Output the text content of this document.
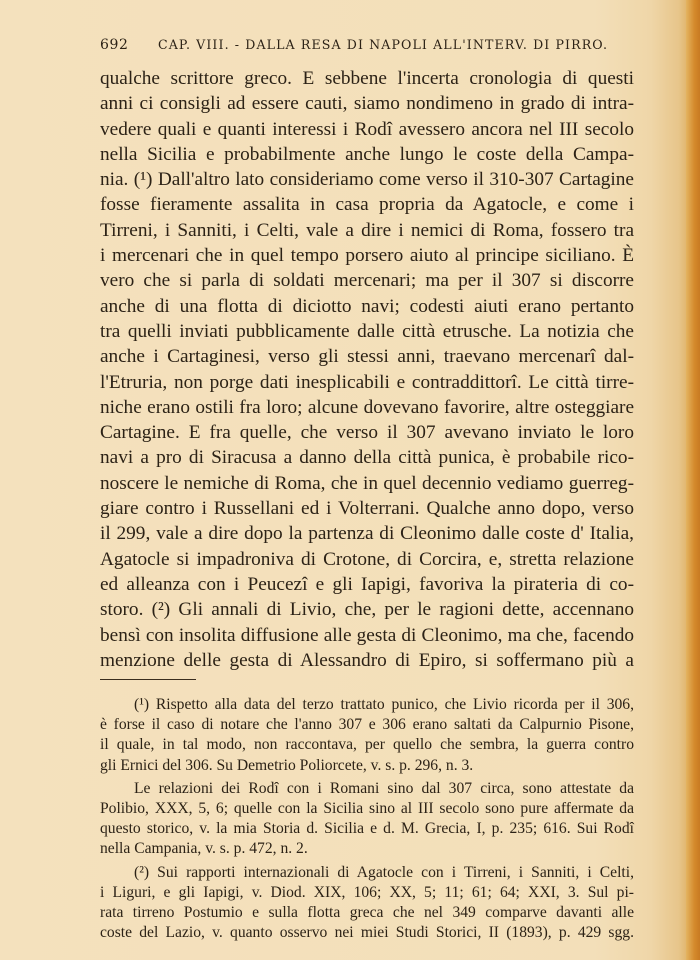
692 CAP. VIII. - DALLA RESA DI NAPOLI ALL'INTERV. DI PIRRO.
qualche scrittore greco. E sebbene l'incerta cronologia di questi
anni ci consigli ad essere cauti, siamo nondimeno in grado di intra-
vedere quali e quanti interessi i Rodî avessero ancora nel III secolo
nella Sicilia e probabilmente anche lungo le coste della Campa-
nia. (¹) Dall'altro lato consideriamo come verso il 310-307 Cartagine
fosse fieramente assalita in casa propria da Agatocle, e come i
Tirreni, i Sanniti, i Celti, vale a dire i nemici di Roma, fossero tra
i mercenari che in quel tempo porsero aiuto al principe siciliano. È
vero che si parla di soldati mercenari; ma per il 307 si discorre
anche di una flotta di diciotto navi; codesti aiuti erano pertanto
tra quelli inviati pubblicamente dalle città etrusche. La notizia che
anche i Cartaginesi, verso gli stessi anni, traevano mercenarî dal-
l'Etruria, non porge dati inesplicabili e contraddittorî. Le città tirre-
niche erano ostili fra loro; alcune dovevano favorire, altre osteggiare
Cartagine. E fra quelle, che verso il 307 avevano inviato le loro
navi a pro di Siracusa a danno della città punica, è probabile rico-
noscere le nemiche di Roma, che in quel decennio vediamo guerreg-
giare contro i Russellani ed i Volterrani. Qualche anno dopo, verso
il 299, vale a dire dopo la partenza di Cleonimo dalle coste d' Italia,
Agatocle si impadroniva di Crotone, di Corcira, e, stretta relazione
ed alleanza con i Peucezî e gli Iapigi, favoriva la pirateria di co-
storo. (²) Gli annali di Livio, che, per le ragioni dette, accennano
bensì con insolita diffusione alle gesta di Cleonimo, ma che, facendo
menzione delle gesta di Alessandro di Epiro, si soffermano più a
(¹) Rispetto alla data del terzo trattato punico, che Livio ricorda per il 306,
è forse il caso di notare che l'anno 307 e 306 erano saltati da Calpurnio Pisone,
il quale, in tal modo, non raccontava, per quello che sembra, la guerra contro
gli Ernici del 306. Su Demetrio Poliorcete, v. s. p. 296, n. 3.
Le relazioni dei Rodî con i Romani sino dal 307 circa, sono attestate da
Polibio, XXX, 5, 6; quelle con la Sicilia sino al III secolo sono pure affermate da
questo storico, v. la mia Storia d. Sicilia e d. M. Grecia, I, p. 235; 616. Sui Rodî
nella Campania, v. s. p. 472, n. 2.
(²) Sui rapporti internazionali di Agatocle con i Tirreni, i Sanniti, i Celti,
i Liguri, e gli Iapigi, v. Diod. XIX, 106; XX, 5; 11; 61; 64; XXI, 3. Sul pi-
rata tirreno Postumio e sulla flotta greca che nel 349 comparve davanti alle
coste del Lazio, v. quanto osservo nei miei Studi Storici, II (1893), p. 429 sgg.
